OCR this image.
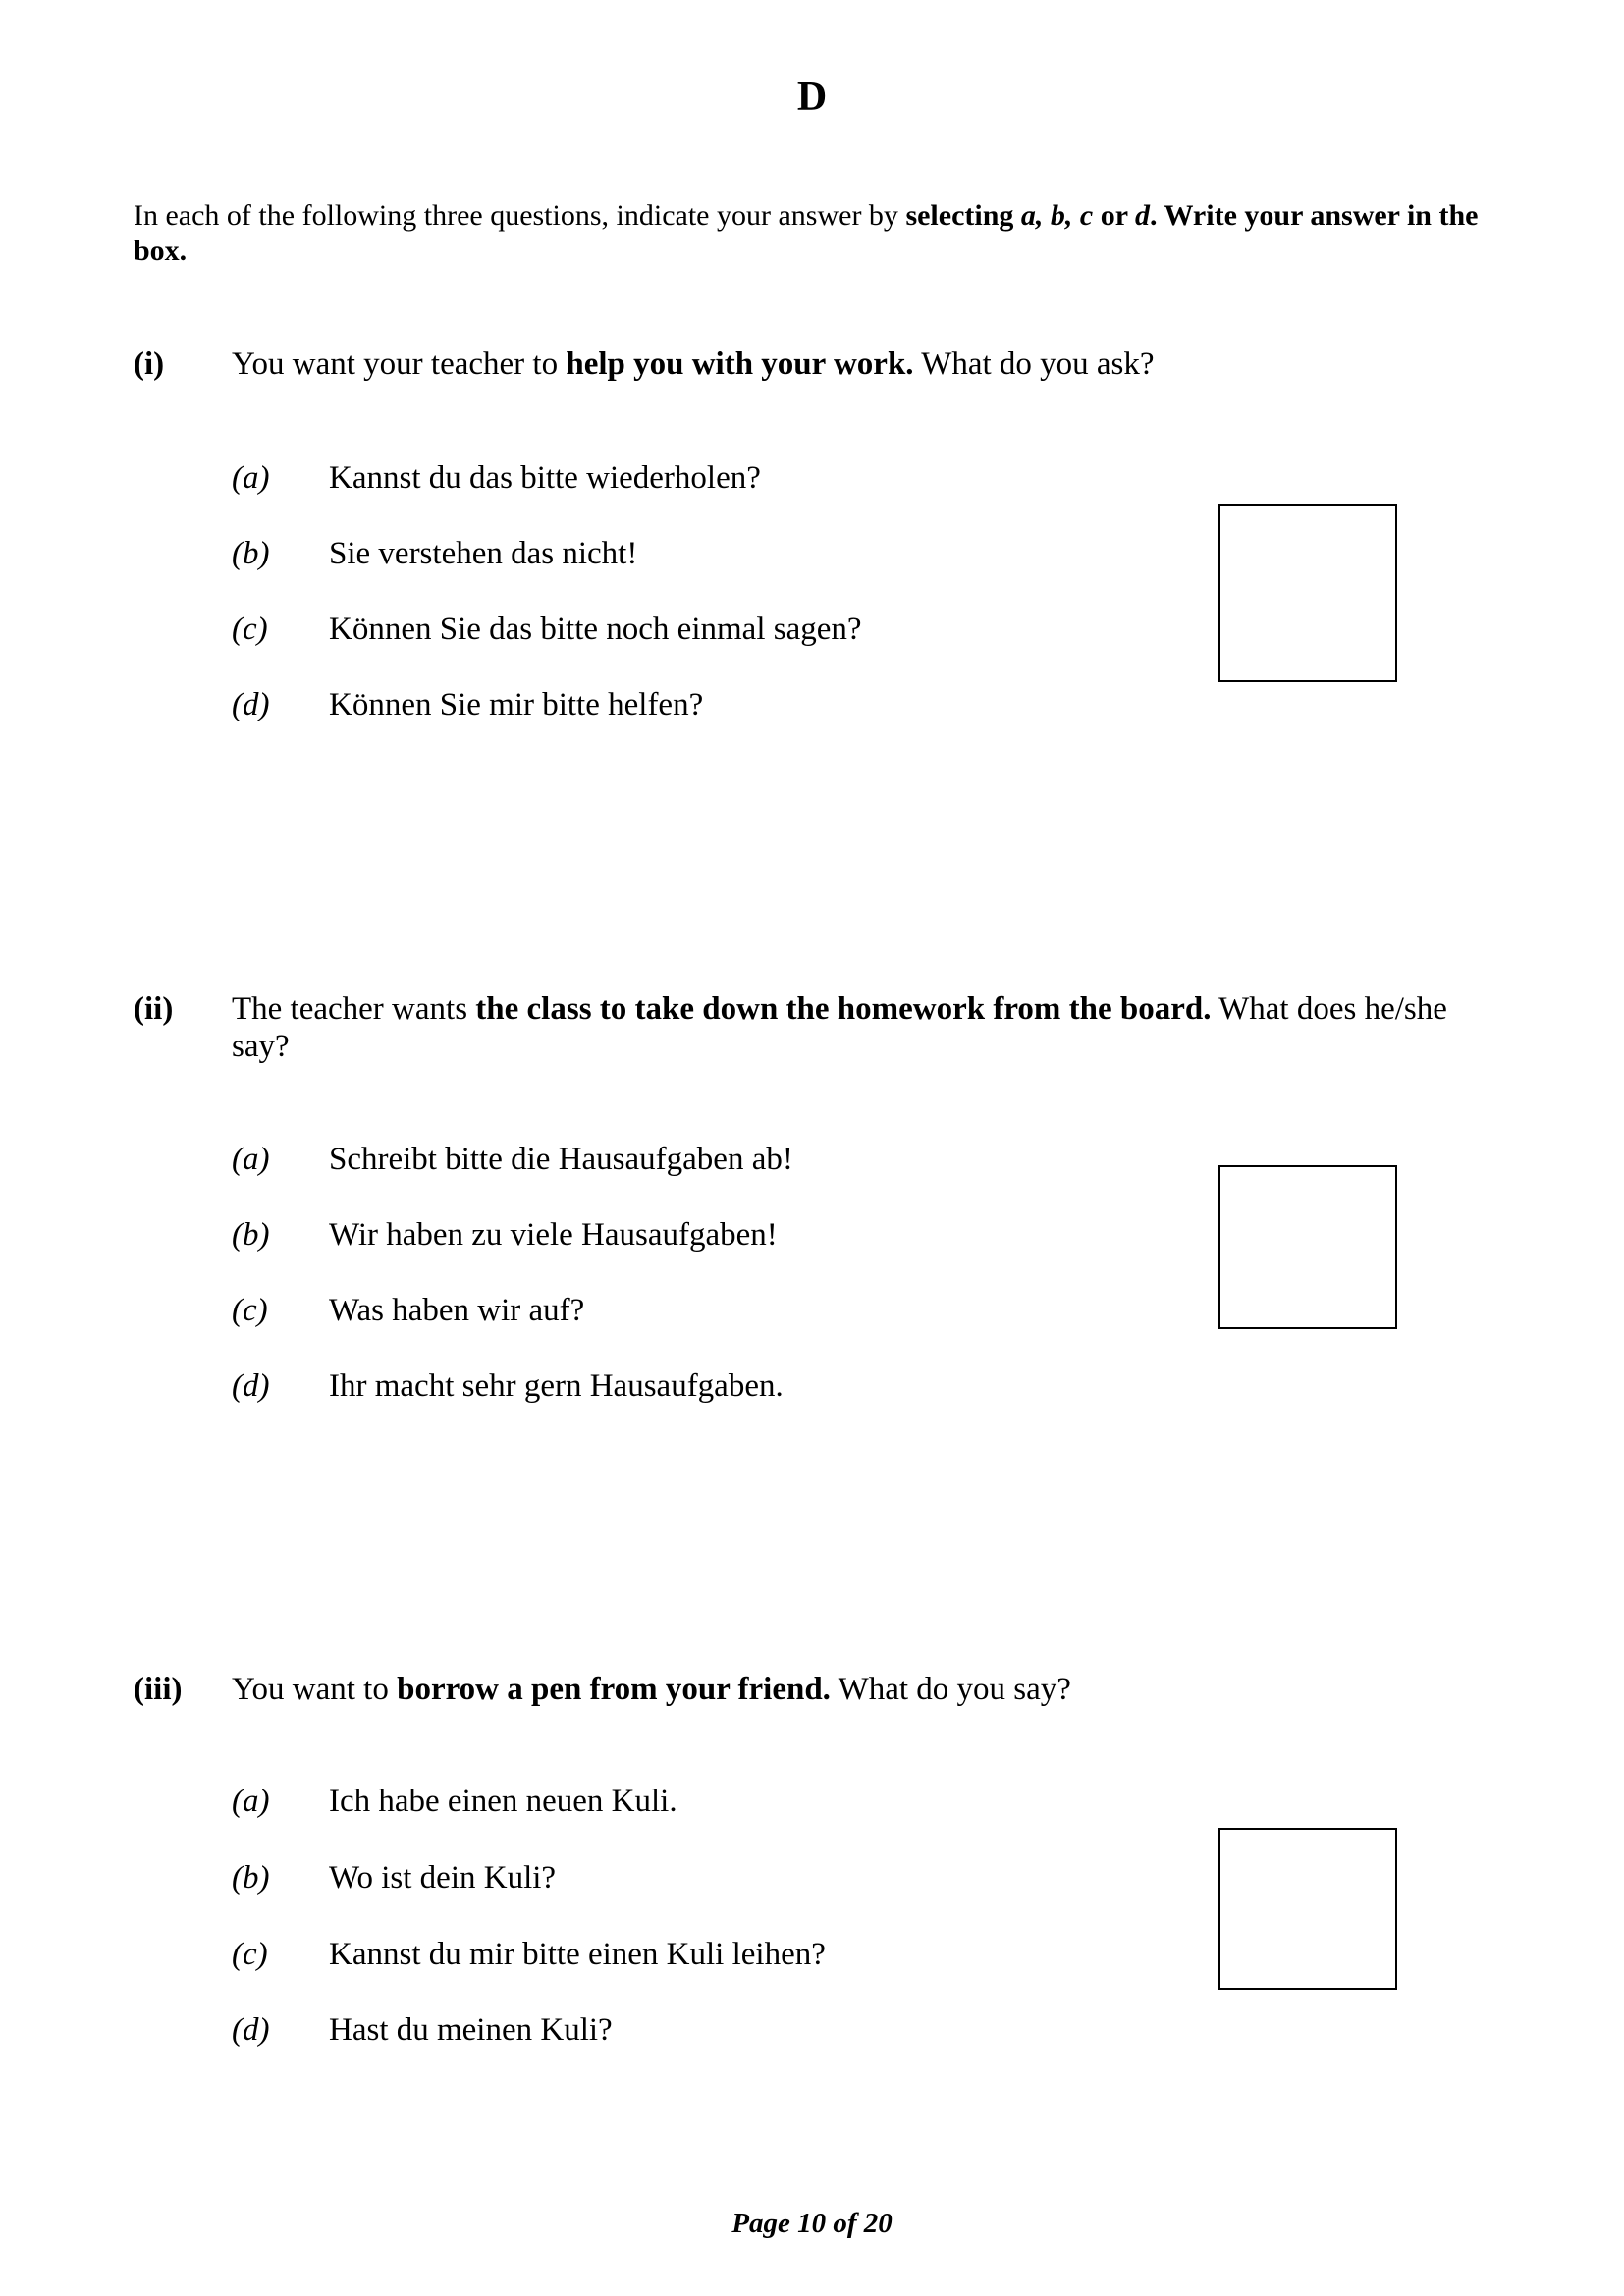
D
In each of the following three questions, indicate your answer by selecting a, b, c or d. Write your answer in the box.
(i) You want your teacher to help you with your work. What do you ask?
(a) Kannst du das bitte wiederholen?
(b) Sie verstehen das nicht!
(c) Können Sie das bitte noch einmal sagen?
(d) Können Sie mir bitte helfen?
(ii) The teacher wants the class to take down the homework from the board. What does he/she say?
(a) Schreibt bitte die Hausaufgaben ab!
(b) Wir haben zu viele Hausaufgaben!
(c) Was haben wir auf?
(d) Ihr macht sehr gern Hausaufgaben.
(iii) You want to borrow a pen from your friend. What do you say?
(a) Ich habe einen neuen Kuli.
(b) Wo ist dein Kuli?
(c) Kannst du mir bitte einen Kuli leihen?
(d) Hast du meinen Kuli?
Page 10 of 20
